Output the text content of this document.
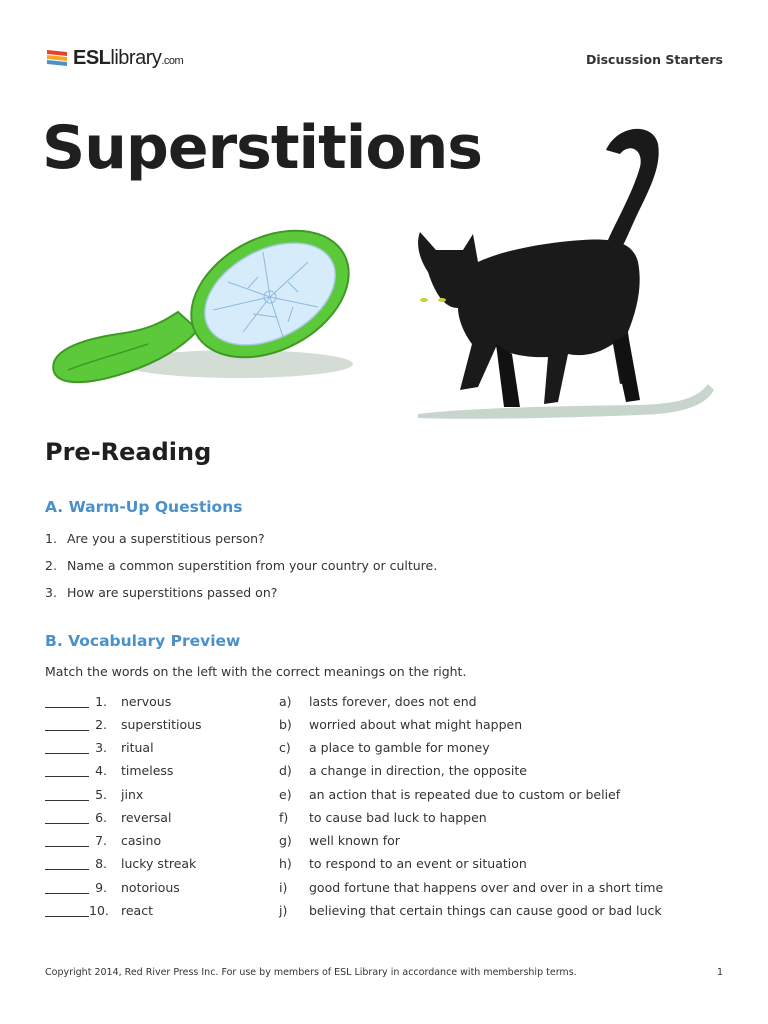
ESLlibrary.com	Discussion Starters
Superstitions
Pre-Reading
A. Warm-Up Questions
1. Are you a superstitious person?
2. Name a common superstition from your country or culture.
3. How are superstitions passed on?
B. Vocabulary Preview
Match the words on the left with the correct meanings on the right.
1. nervous	a) lasts forever, does not end
2. superstitious	b) worried about what might happen
3. ritual	c) a place to gamble for money
4. timeless	d) a change in direction, the opposite
5. jinx	e) an action that is repeated due to custom or belief
6. reversal	f) to cause bad luck to happen
7. casino	g) well known for
8. lucky streak	h) to respond to an event or situation
9. notorious	i) good fortune that happens over and over in a short time
10. react	j) believing that certain things can cause good or bad luck
Copyright 2014, Red River Press Inc. For use by members of ESL Library in accordance with membership terms.	1
